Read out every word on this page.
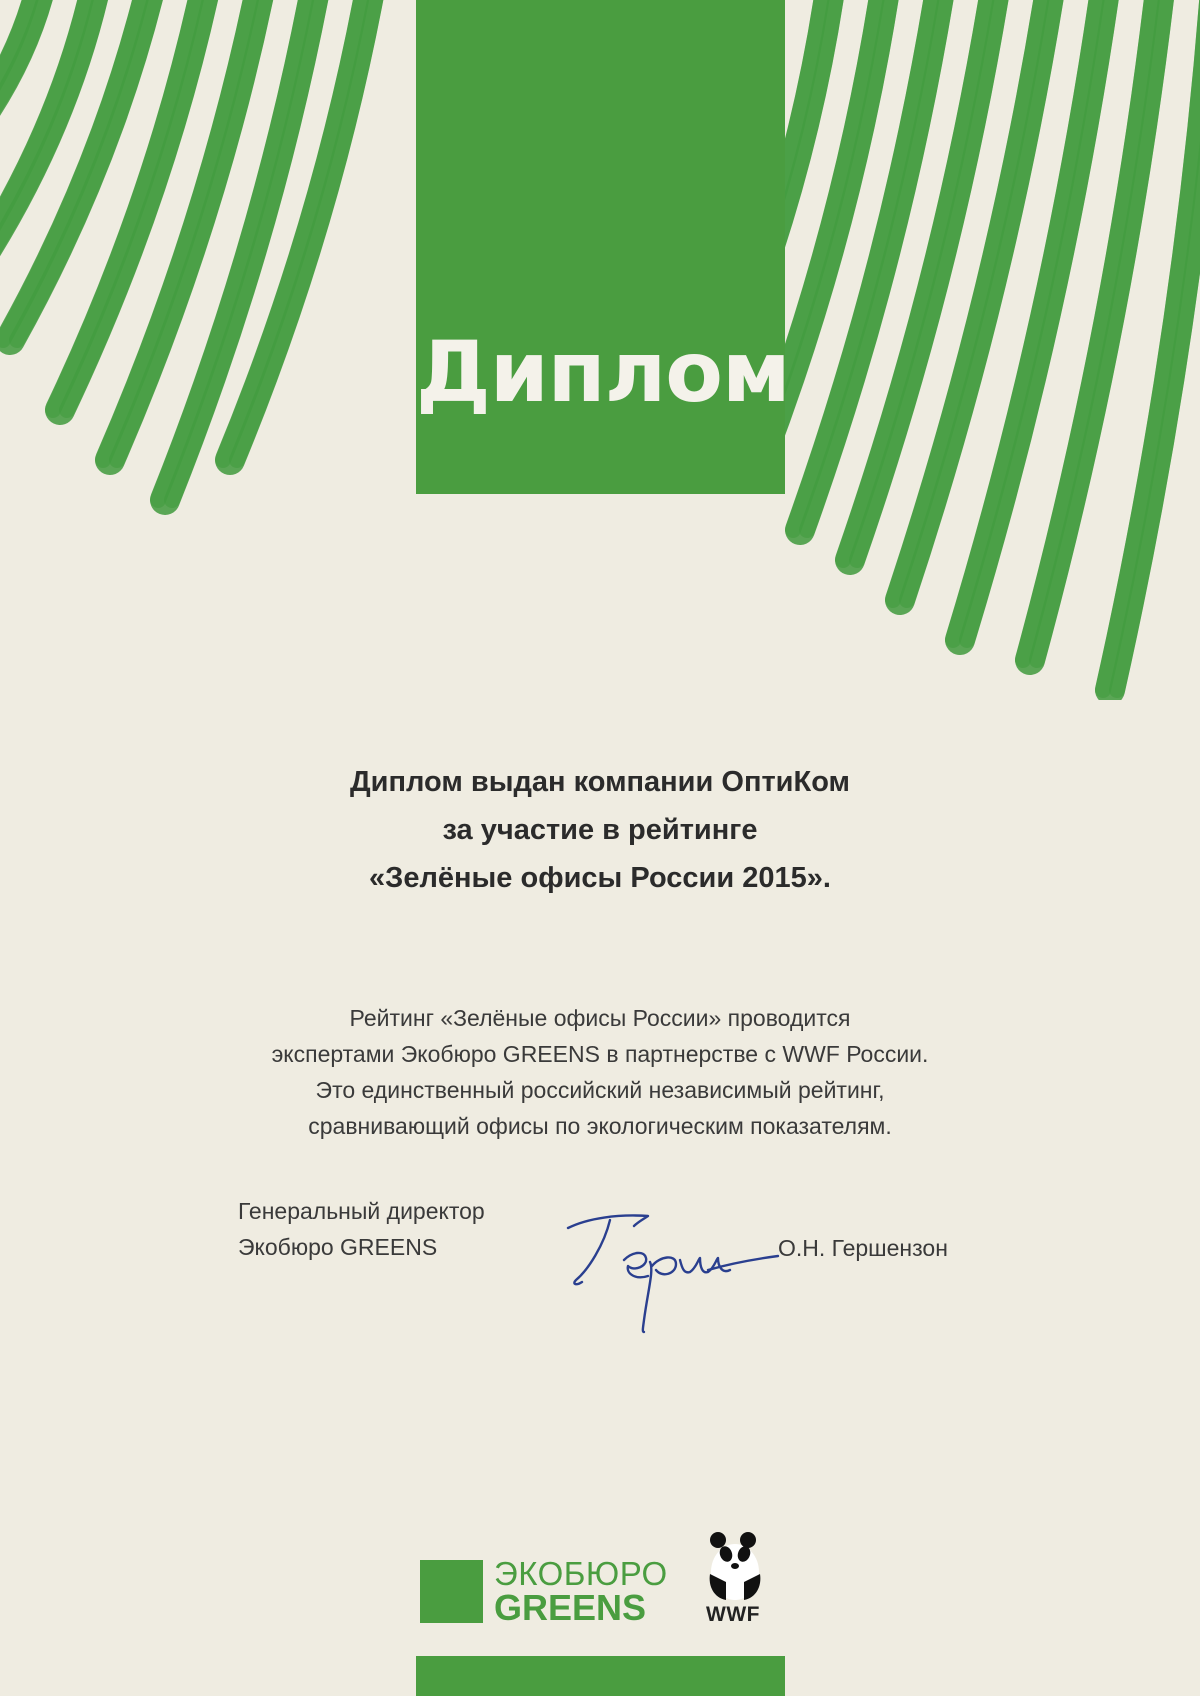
Диплом
Диплом выдан компании ОптиКом
за участие в рейтинге
«Зелёные офисы России 2015».
Рейтинг «Зелёные офисы России» проводится
экспертами Экобюро GREENS в партнерстве с WWF России.
Это единственный российский независимый рейтинг,
сравнивающий офисы по экологическим показателям.
Генеральный директор
Экобюро GREENS	О.Н. Гершензон
ЭКОБЮРО
GREENS	WWF
